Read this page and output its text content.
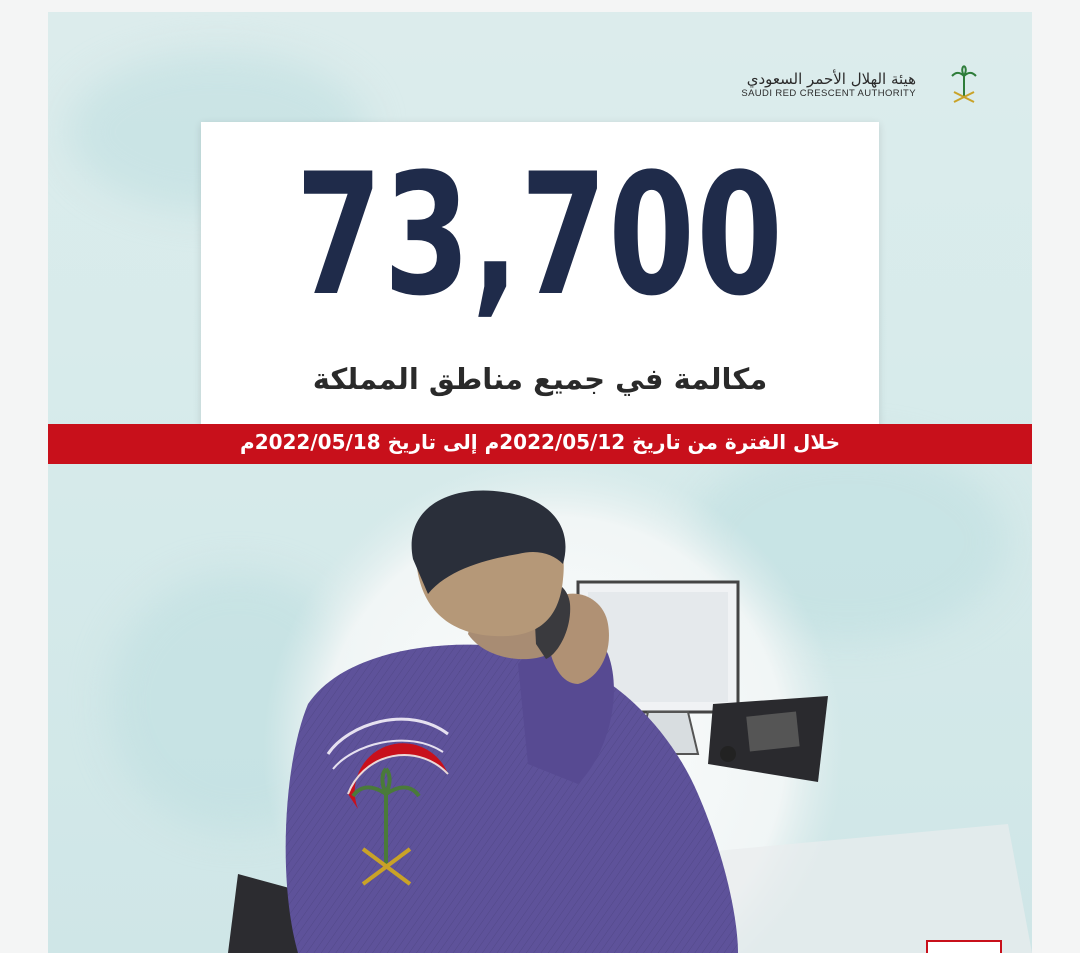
هيئة الهلال الأحمر السعودي
SAUDI RED CRESCENT AUTHORITY
73,700
مكالمة في جميع مناطق المملكة
خلال الفترة من تاريخ 2022/05/12م إلى تاريخ 2022/05/18م
